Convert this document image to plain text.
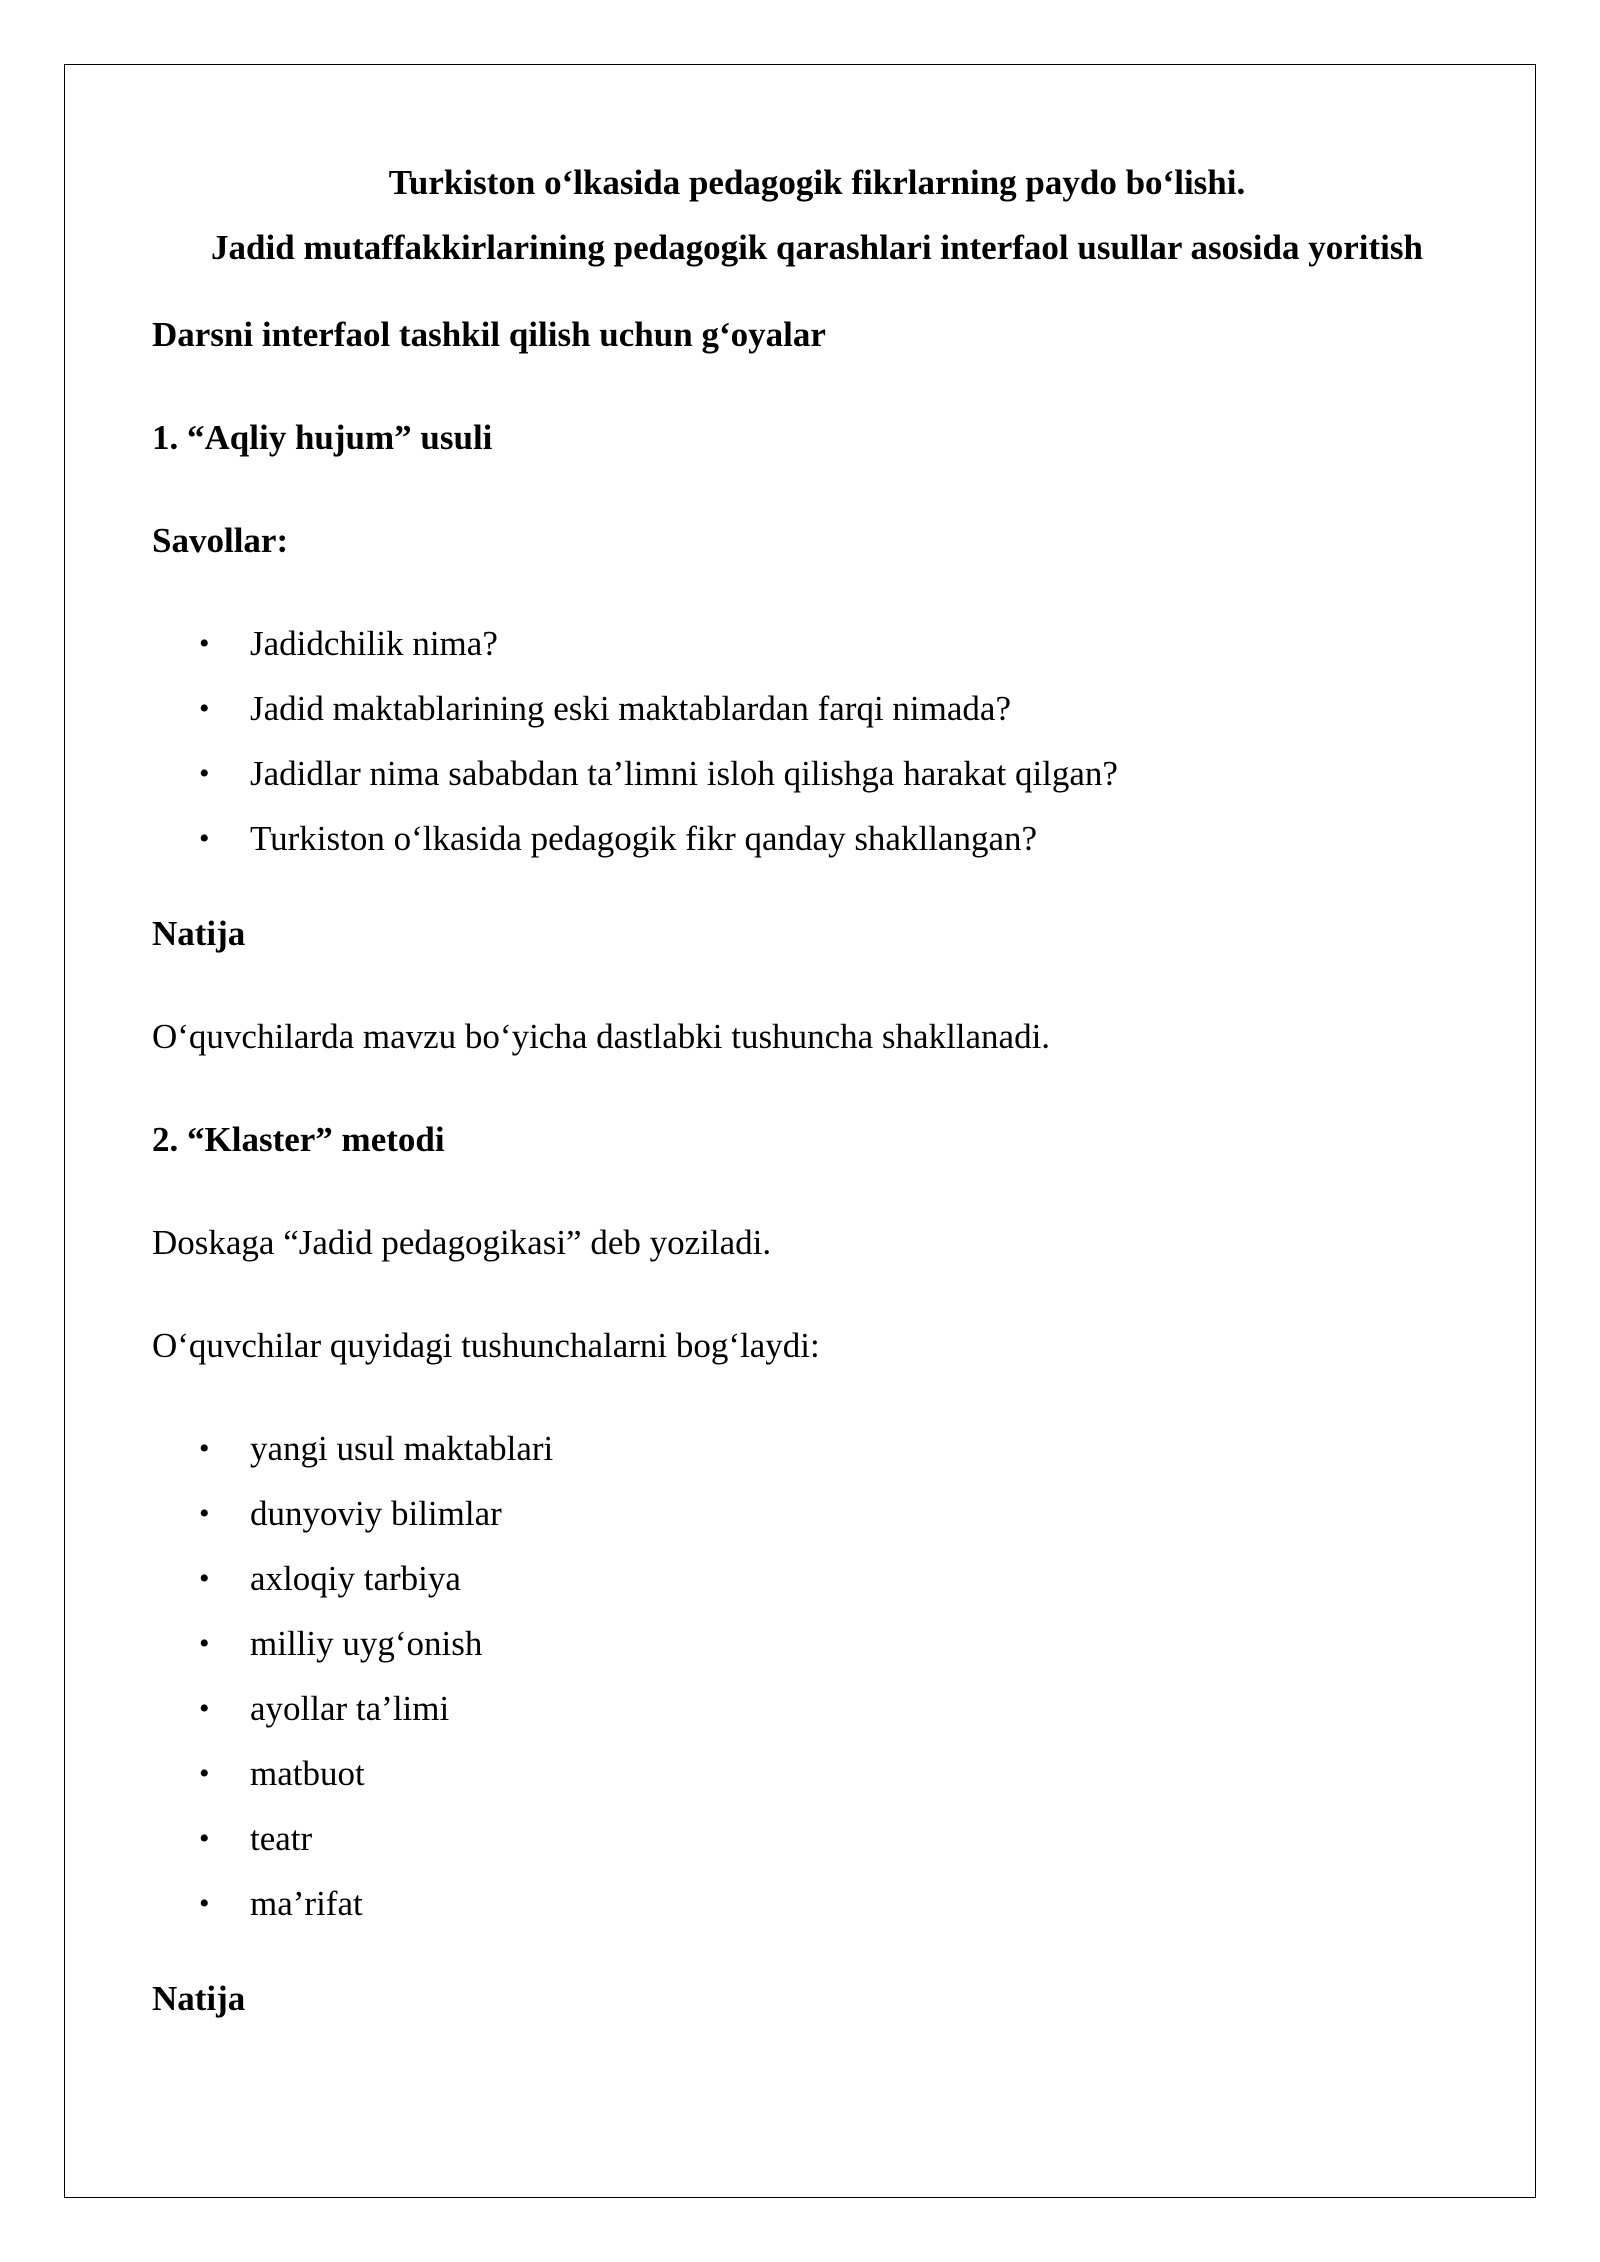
Turkiston o‘lkasida pedagogik fikrlarning paydo bo‘lishi.

Jadid mutaffakkirlarining pedagogik qarashlari interfaol usullar asosida yoritish

Darsni interfaol tashkil qilish uchun g‘oyalar

1. “Aqliy hujum” usuli

Savollar:

• Jadidchilik nima?
• Jadid maktablarining eski maktablardan farqi nimada?
• Jadidlar nima sababdan ta’limni isloh qilishga harakat qilgan?
• Turkiston o‘lkasida pedagogik fikr qanday shakllangan?

Natija

O‘quvchilarda mavzu bo‘yicha dastlabki tushuncha shakllanadi.

2. “Klaster” metodi

Doskaga “Jadid pedagogikasi” deb yoziladi.

O‘quvchilar quyidagi tushunchalarni bog‘laydi:

• yangi usul maktablari
• dunyoviy bilimlar
• axloqiy tarbiya
• milliy uyg‘onish
• ayollar ta’limi
• matbuot
• teatr
• ma’rifat

Natija
